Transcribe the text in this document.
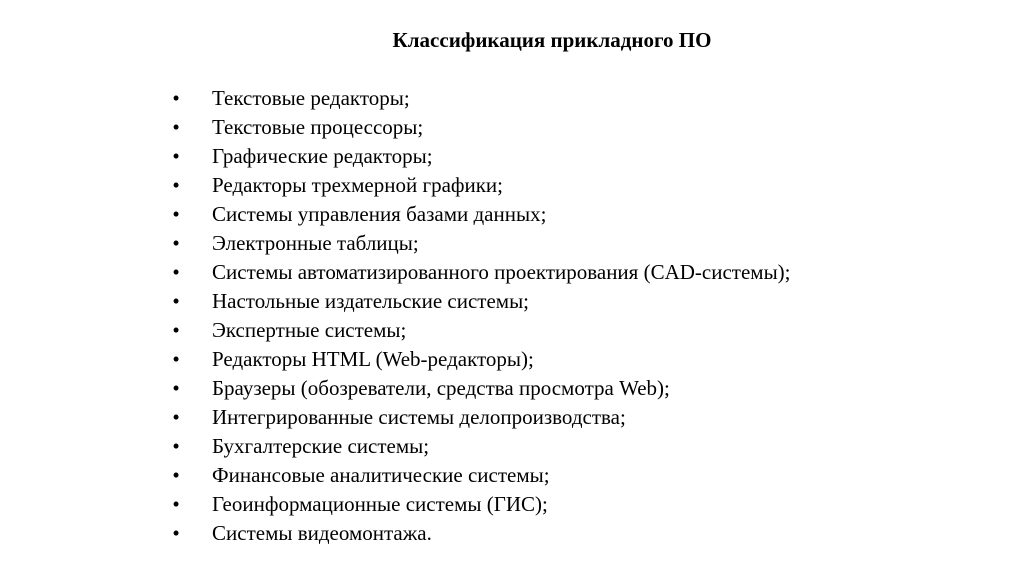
Классификация прикладного ПО
• Текстовые редакторы;
• Текстовые процессоры;
• Графические редакторы;
• Редакторы трехмерной графики;
• Системы управления базами данных;
• Электронные таблицы;
• Системы автоматизированного проектирования (CAD-системы);
• Настольные издательские системы;
• Экспертные системы;
• Редакторы HTML (Web-редакторы);
• Браузеры (обозреватели, средства просмотра Web);
• Интегрированные системы делопроизводства;
• Бухгалтерские системы;
• Финансовые аналитические системы;
• Геоинформационные системы (ГИС);
• Системы видеомонтажа.
